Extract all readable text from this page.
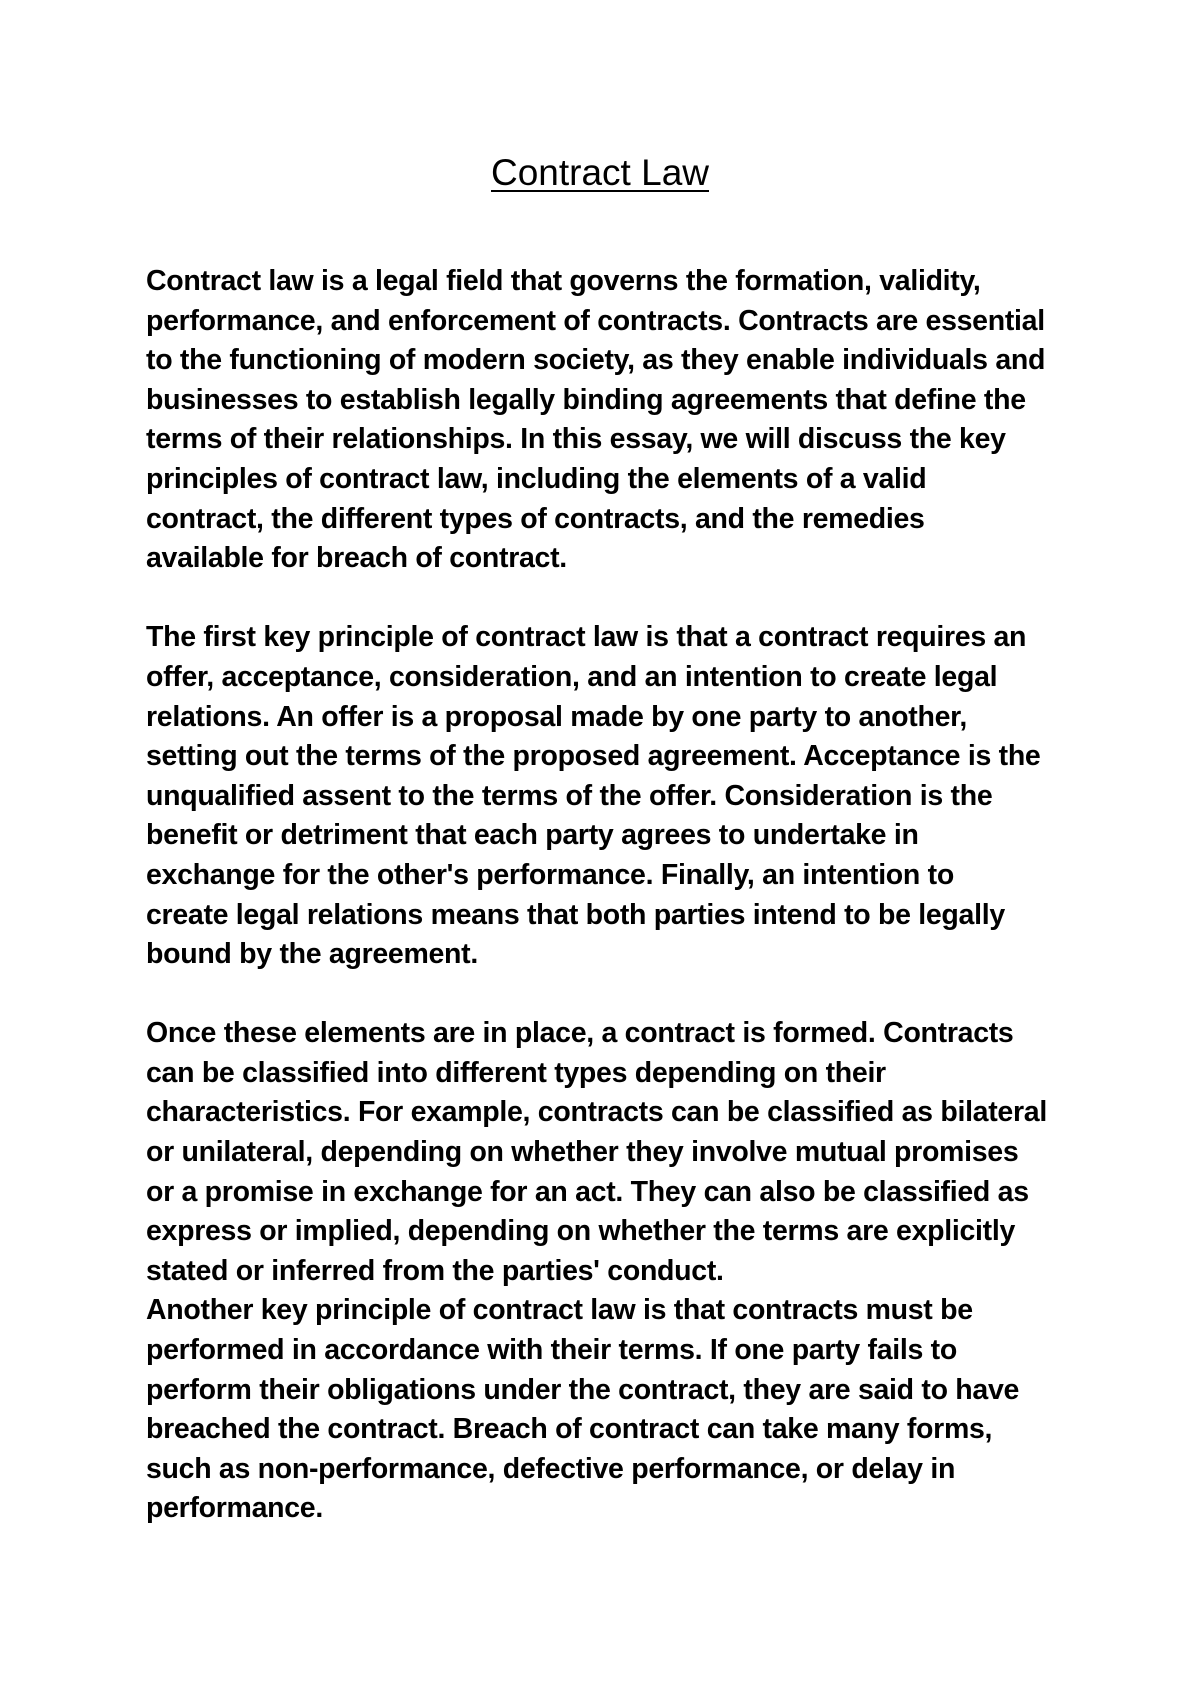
Contract Law
Contract law is a legal field that governs the formation, validity,
performance, and enforcement of contracts. Contracts are essential
to the functioning of modern society, as they enable individuals and
businesses to establish legally binding agreements that define the
terms of their relationships. In this essay, we will discuss the key
principles of contract law, including the elements of a valid
contract, the different types of contracts, and the remedies
available for breach of contract.
The first key principle of contract law is that a contract requires an
offer, acceptance, consideration, and an intention to create legal
relations. An offer is a proposal made by one party to another,
setting out the terms of the proposed agreement. Acceptance is the
unqualified assent to the terms of the offer. Consideration is the
benefit or detriment that each party agrees to undertake in
exchange for the other's performance. Finally, an intention to
create legal relations means that both parties intend to be legally
bound by the agreement.
Once these elements are in place, a contract is formed. Contracts
can be classified into different types depending on their
characteristics. For example, contracts can be classified as bilateral
or unilateral, depending on whether they involve mutual promises
or a promise in exchange for an act. They can also be classified as
express or implied, depending on whether the terms are explicitly
stated or inferred from the parties' conduct.
Another key principle of contract law is that contracts must be
performed in accordance with their terms. If one party fails to
perform their obligations under the contract, they are said to have
breached the contract. Breach of contract can take many forms,
such as non-performance, defective performance, or delay in
performance.
